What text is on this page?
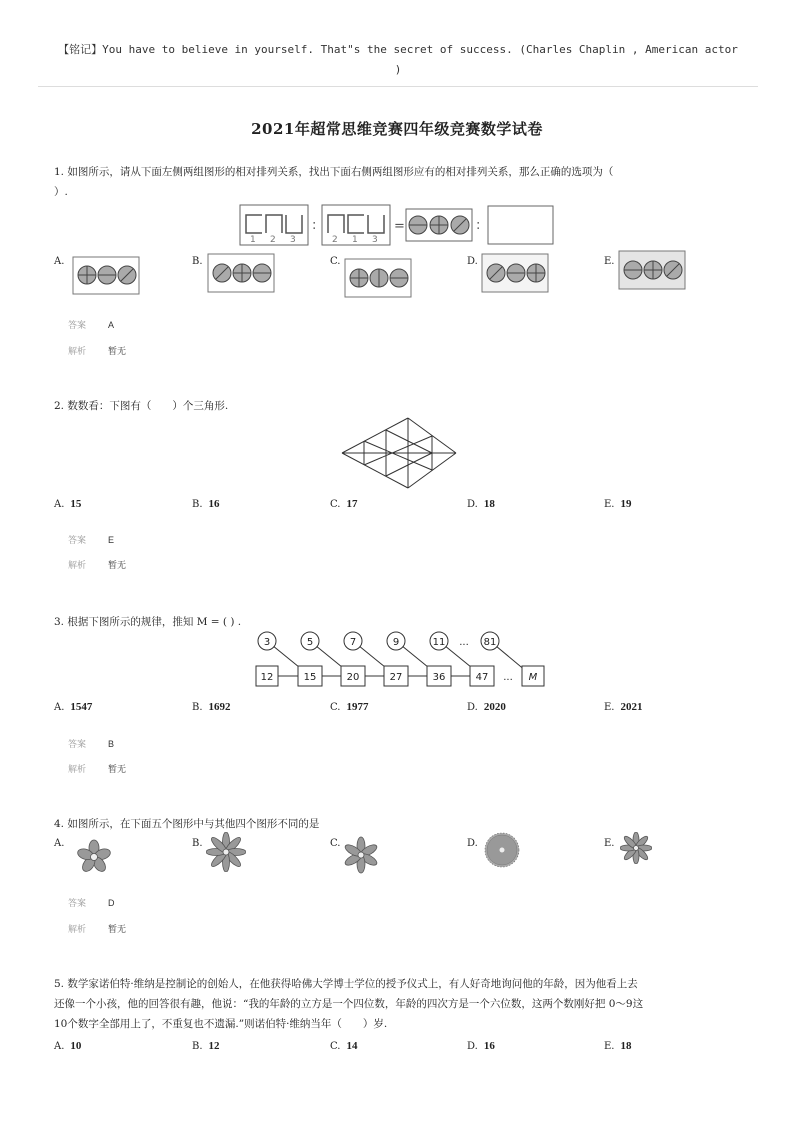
【铭记】You have to believe in yourself. That"s the secret of success. (Charles Chaplin , American actor
)
2021年超常思维竞赛四年级竞赛数学试卷
1. 如图所示，请从下面左侧两组图形的相对排列关系，找出下面右侧两组图形应有的相对排列关系，那么正确的选项为（
）.
1 2 3
:
2 1 3
=	:
A.	B.	C.	D.	E.
答案 A
解析 暂无
2. 数数看：下图有（　　）个三角形.
A. 15	B. 16	C. 17	D. 18	E. 19
答案 E
解析 暂无
3. 根据下图所示的规律，推知 M = ( ) .
3	5	7	9	11	81
...
12	15	20	27	36	47 ... M
A. 1547	B. 1692	C. 1977	D. 2020	E. 2021
答案 B
解析 暂无
4. 如图所示，在下面五个图形中与其他四个图形不同的是
A.	B.	C.	D.	E.
答案 D
解析 暂无
5. 数学家诺伯特·维纳是控制论的创始人，在他获得哈佛大学博士学位的授予仪式上，有人好奇地询问他的年龄，因为他看上去
还像一个小孩，他的回答很有趣，他说：“我的年龄的立方是一个四位数，年龄的四次方是一个六位数，这两个数刚好把 0～9这
10个数字全部用上了，不重复也不遗漏.”则诺伯特·维纳当年（　　）岁.
A. 10	B. 12	C. 14	D. 16	E. 18
